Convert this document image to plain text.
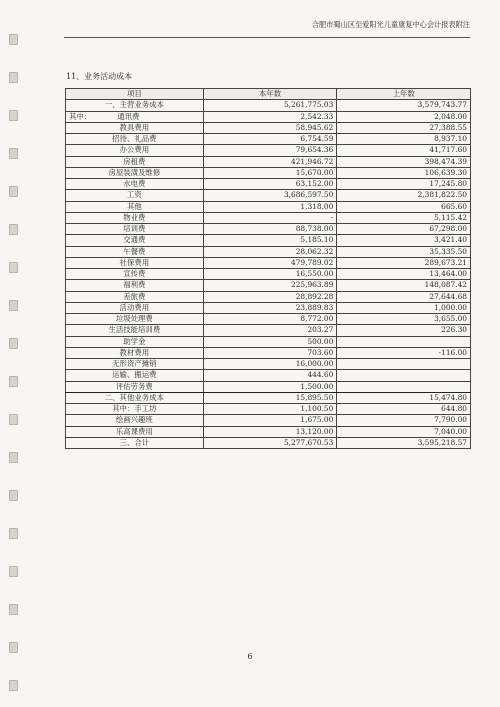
合肥市蜀山区至爱阳光儿童康复中心会计报表附注
11、业务活动成本
项目	本年数	上年数
一、主营业务成本	5,261,775.03	3,579,743.77
其中： 通讯费	2,542.33	2,048.00
教具费用	58,945.62	27,388.55
招待、礼品费	6,754.59	8,937.10
办公费用	79,654.36	41,717.60
房租费	421,946.72	398,474.39
房屋装潢及维修	15,670.00	106,639.30
水电费	63,152.00	17,245.80
工资	3,686,597.50	2,381,822.50
其他	1,318.00	665.60
物业费	-	5,115.42
培训费	88,738.00	67,298.00
交通费	5,185.10	3,421.40
午餐费	28,062.32	35,335.50
社保费用	479,789.02	289,673.21
宣传费	16,550.00	13,464.00
福利费	225,963.89	148,087.42
差旅费	28,892.28	27,644.68
活动费用	23,889.83	1,000.00
垃圾处理费	8,772.00	3,655.00
生活技能培训费	203.27	226.30
助学金	500.00	
教材费用	703.60	-116.00
无形资产摊销	16,000.00	
运输、搬运费	444.60	
评估劳务费	1,500.00	
二、其他业务成本	15,895.50	15,474.80
其中：手工坊	1,100.50	644.80
绘画兴趣班	1,675.00	7,790.00
乐高课费用	13,120.00	7,040.00
三、合计	5,277,670.53	3,595,218.57
6
